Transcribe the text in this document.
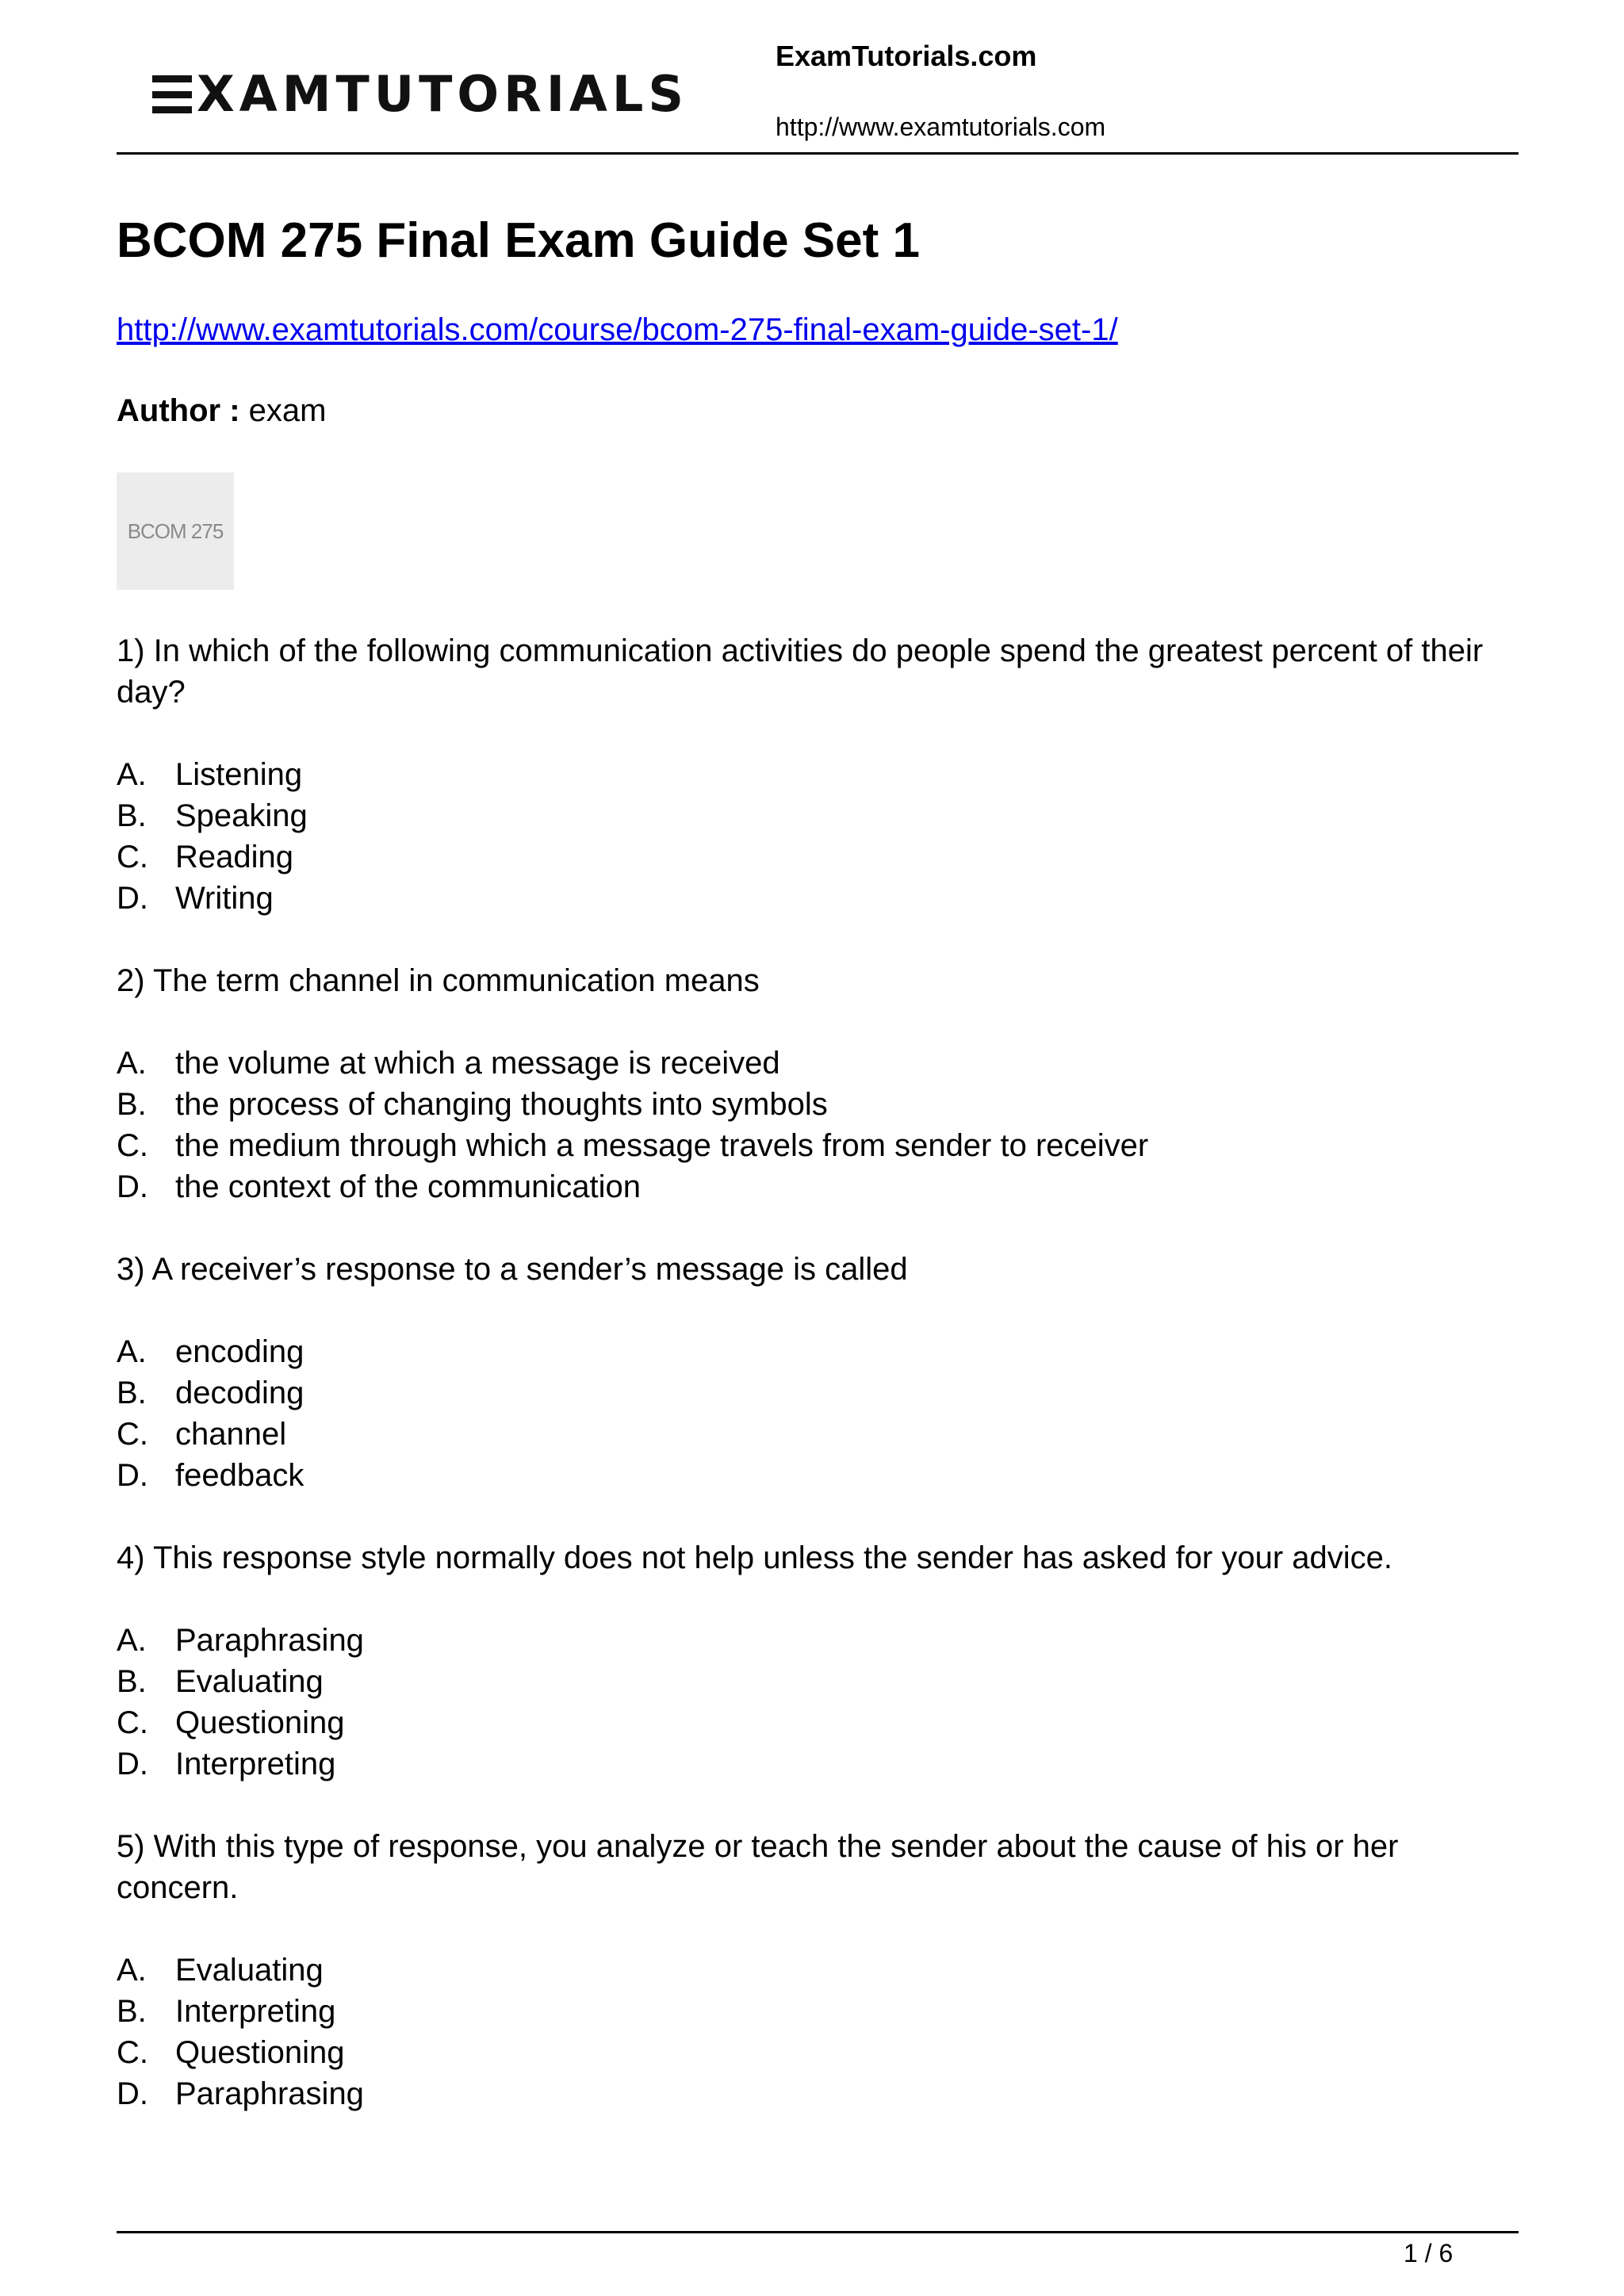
XAMTUTORIALS
ExamTutorials.com
http://www.examtutorials.com
BCOM 275 Final Exam Guide Set 1
http://www.examtutorials.com/course/bcom-275-final-exam-guide-set-1/
Author : exam
BCOM 275

1) In which of the following communication activities do people spend the greatest percent of their day?

A. Listening
B. Speaking
C. Reading
D. Writing

2) The term channel in communication means

A. the volume at which a message is received
B. the process of changing thoughts into symbols
C. the medium through which a message travels from sender to receiver
D. the context of the communication

3) A receiver’s response to a sender’s message is called

A. encoding
B. decoding
C. channel
D. feedback

4) This response style normally does not help unless the sender has asked for your advice.

A. Paraphrasing
B. Evaluating
C. Questioning
D. Interpreting

5) With this type of response, you analyze or teach the sender about the cause of his or her concern.

A. Evaluating
B. Interpreting
C. Questioning
D. Paraphrasing
1 / 6
